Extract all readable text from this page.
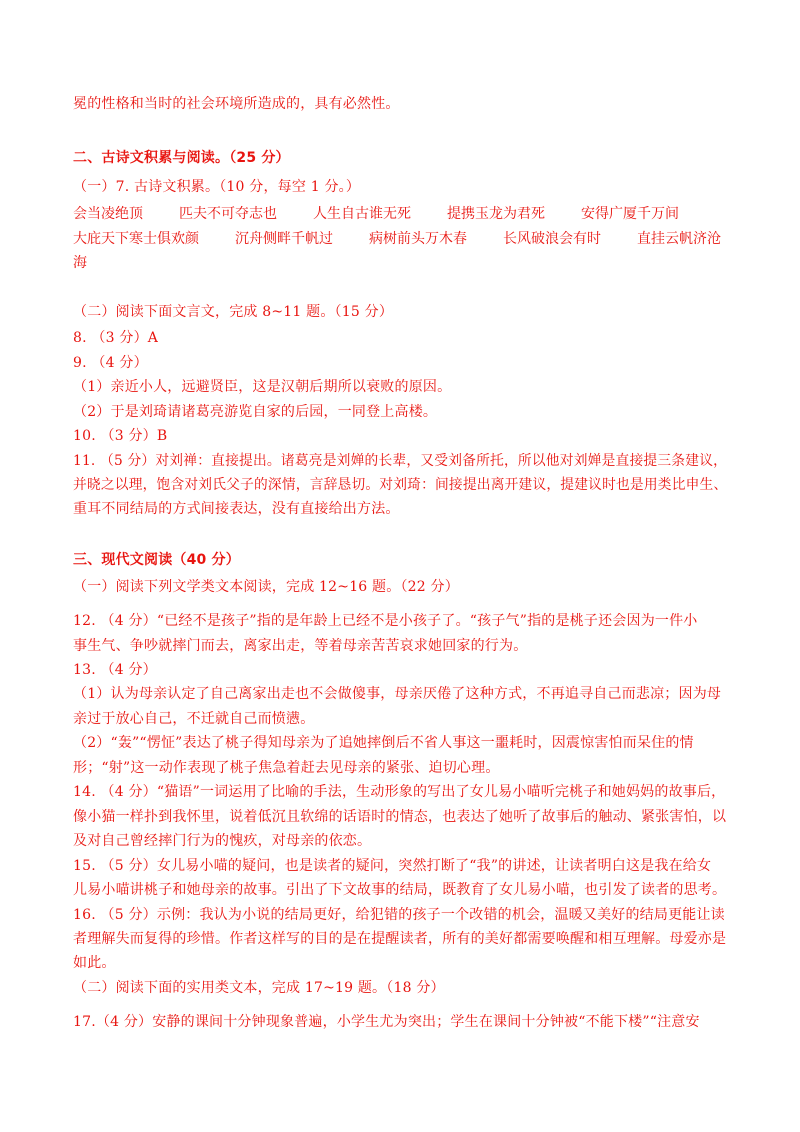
冕的性格和当时的社会环境所造成的，具有必然性。
二、古诗文积累与阅读。（25 分）
（一）7. 古诗文积累。（10 分，每空 1 分。）
会当凌绝顶	匹夫不可夺志也	人生自古谁无死	提携玉龙为君死	安得广厦千万间
大庇天下寒士俱欢颜	沉舟侧畔千帆过	病树前头万木春	长风破浪会有时	直挂云帆济沧
海
（二）阅读下面文言文，完成 8~11 题。（15 分）
8. （3 分）A
9. （4 分）
（1）亲近小人，远避贤臣，这是汉朝后期所以衰败的原因。
（2）于是刘琦请诸葛亮游览自家的后园，一同登上高楼。
10. （3 分）B
11. （5 分）对刘禅：直接提出。诸葛亮是刘婵的长辈，又受刘备所托，所以他对刘婵是直接提三条建议，
并晓之以理，饱含对刘氏父子的深情，言辞恳切。对刘琦：间接提出离开建议，提建议时也是用类比申生、
重耳不同结局的方式间接表达，没有直接给出方法。
三、现代文阅读（40 分）
（一）阅读下列文学类文本阅读，完成 12~16 题。（22 分）
12. （4 分）“已经不是孩子”指的是年龄上已经不是小孩子了。“孩子气”指的是桃子还会因为一件小
事生气、争吵就摔门而去，离家出走，等着母亲苦苦哀求她回家的行为。
13. （4 分）
（1）认为母亲认定了自己离家出走也不会做傻事，母亲厌倦了这种方式，不再追寻自己而悲凉；因为母
亲过于放心自己，不迁就自己而愤懑。
（2）“轰”“愣怔”表达了桃子得知母亲为了追她摔倒后不省人事这一噩耗时，因震惊害怕而呆住的情
形；“射”这一动作表现了桃子焦急着赶去见母亲的紧张、迫切心理。
14. （4 分）“猫语”一词运用了比喻的手法，生动形象的写出了女儿易小喵听完桃子和她妈妈的故事后，
像小猫一样扑到我怀里，说着低沉且软绵的话语时的情态，也表达了她听了故事后的触动、紧张害怕，以
及对自己曾经摔门行为的愧疚，对母亲的依恋。
15. （5 分）女儿易小喵的疑问，也是读者的疑问，突然打断了“我”的讲述，让读者明白这是我在给女
儿易小喵讲桃子和她母亲的故事。引出了下文故事的结局，既教育了女儿易小喵，也引发了读者的思考。
16. （5 分）示例：我认为小说的结局更好，给犯错的孩子一个改错的机会，温暖又美好的结局更能让读
者理解失而复得的珍惜。作者这样写的目的是在提醒读者，所有的美好都需要唤醒和相互理解。母爱亦是
如此。
（二）阅读下面的实用类文本，完成 17~19 题。（18 分）
17.（4 分）安静的课间十分钟现象普遍，小学生尤为突出；学生在课间十分钟被“不能下楼”“注意安
